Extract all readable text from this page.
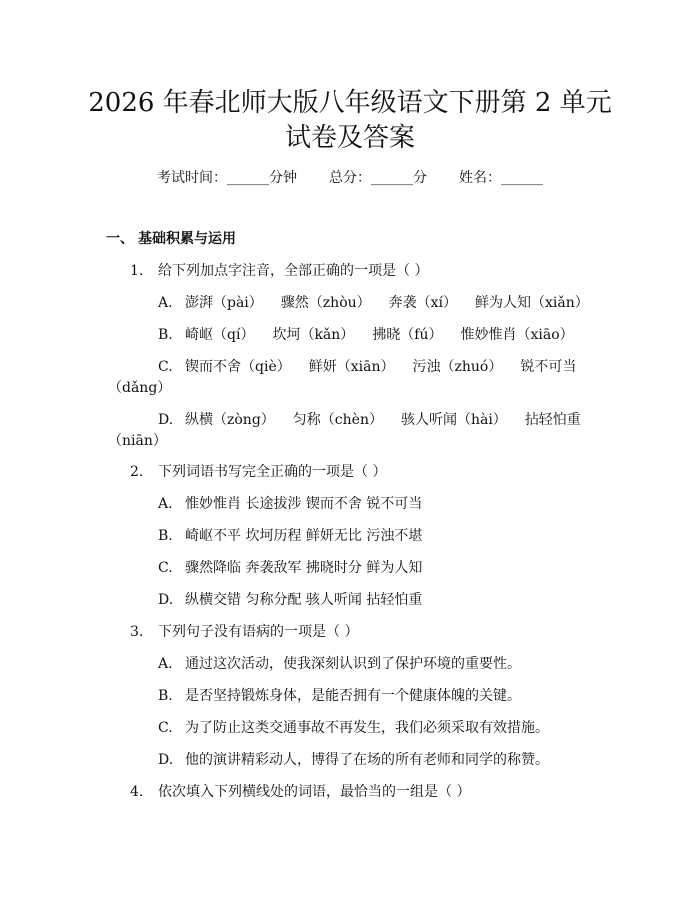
2026 年春北师大版八年级语文下册第 2 单元
试卷及答案
考试时间：______分钟 总分：______分 姓名：______
一、 基础积累与运用
1. 给下列加点字注音，全部正确的一项是（ ）
A. 澎湃（pài） 骤然（zhòu） 奔袭（xí） 鲜为人知（xiǎn）
B. 崎岖（qí） 坎坷（kǎn） 拂晓（fú） 惟妙惟肖（xiāo）
C. 锲而不舍（qiè） 鲜妍（xiān） 污浊（zhuó） 锐不可当
（dǎng）
D. 纵横（zòng） 匀称（chèn） 骇人听闻（hài） 拈轻怕重
（niān）
2. 下列词语书写完全正确的一项是（ ）
A. 惟妙惟肖 长途拔涉 锲而不舍 锐不可当
B. 崎岖不平 坎坷历程 鲜妍无比 污浊不堪
C. 骤然降临 奔袭敌军 拂晓时分 鲜为人知
D. 纵横交错 匀称分配 骇人听闻 拈轻怕重
3. 下列句子没有语病的一项是（ ）
A. 通过这次活动，使我深刻认识到了保护环境的重要性。
B. 是否坚持锻炼身体，是能否拥有一个健康体魄的关键。
C. 为了防止这类交通事故不再发生，我们必须采取有效措施。
D. 他的演讲精彩动人，博得了在场的所有老师和同学的称赞。
4. 依次填入下列横线处的词语，最恰当的一组是（ ）
